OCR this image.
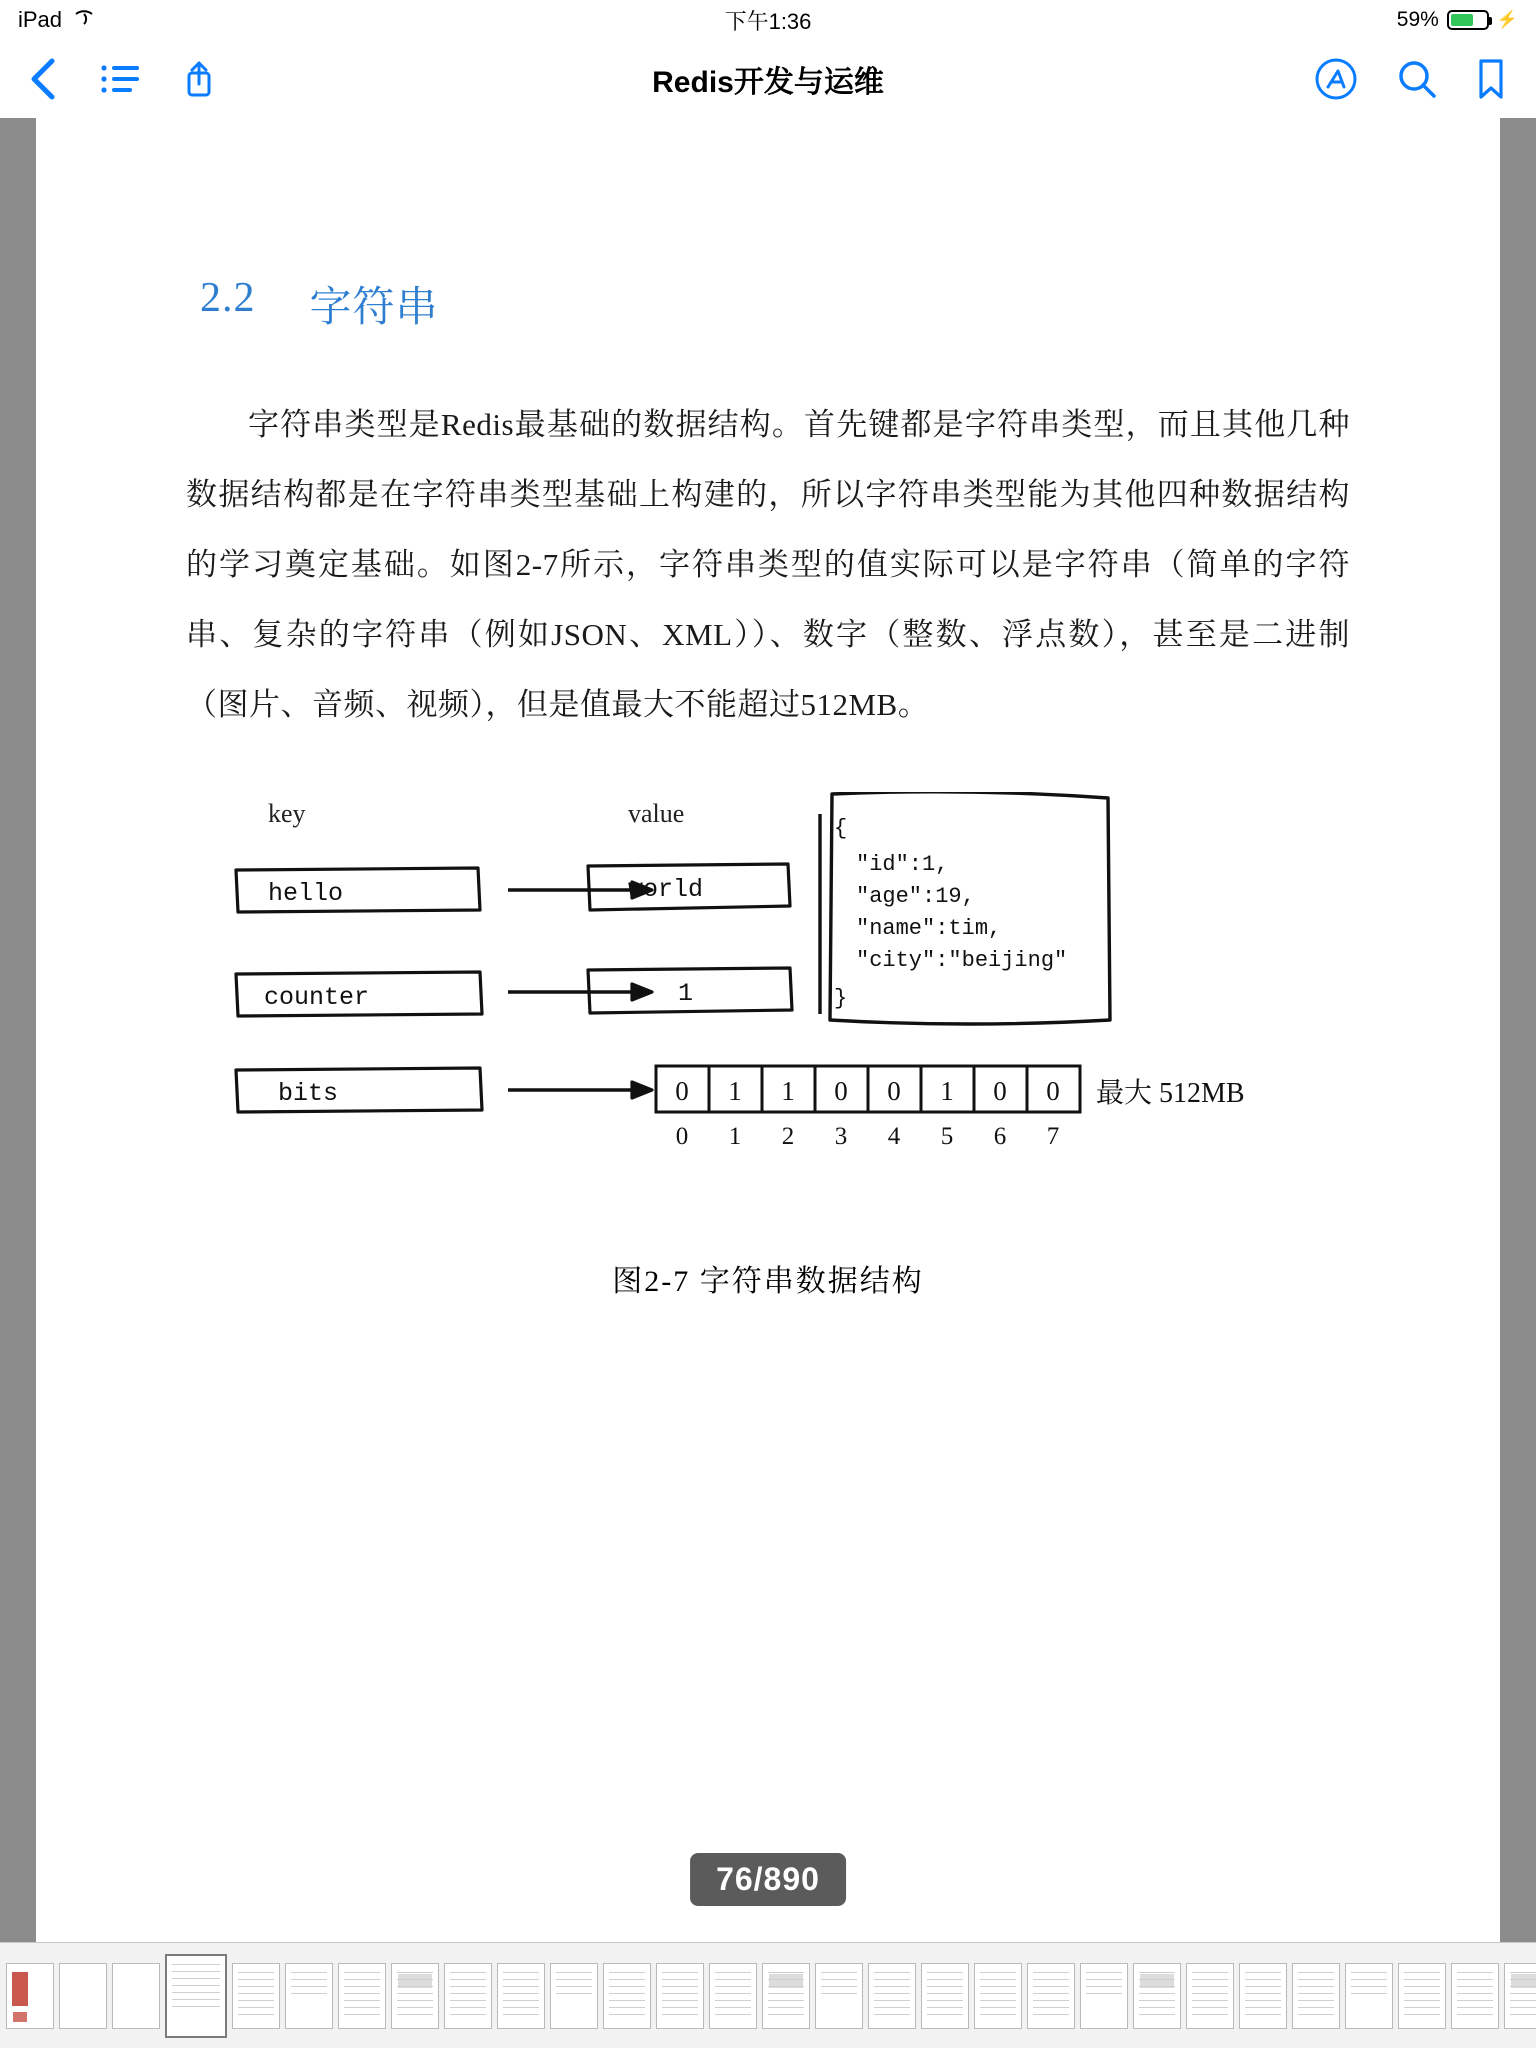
iPad	下午1:36	59%	⚡
Redis开发与运维
2.2 字符串
字符串类型是Redis最基础的数据结构。首先键都是字符串类型，而且其他几种数据结构都是在字符串类型基础上构建的，所以字符串类型能为其他四种数据结构的学习奠定基础。如图2-7所示，字符串类型的值实际可以是字符串（简单的字符串、复杂的字符串（例如JSON、XML））、数字（整数、浮点数），甚至是二进制（图片、音频、视频），但是值最大不能超过512MB。
key	value
hello	world
counter	1
{
"id":1,
"age":19,
"name":tim,
"city":"beijing"
}
bits	0 1 1 0 0 1 0 0
0 1 2 3 4 5 6 7
最大 512MB
图2-7 字符串数据结构
76/890
